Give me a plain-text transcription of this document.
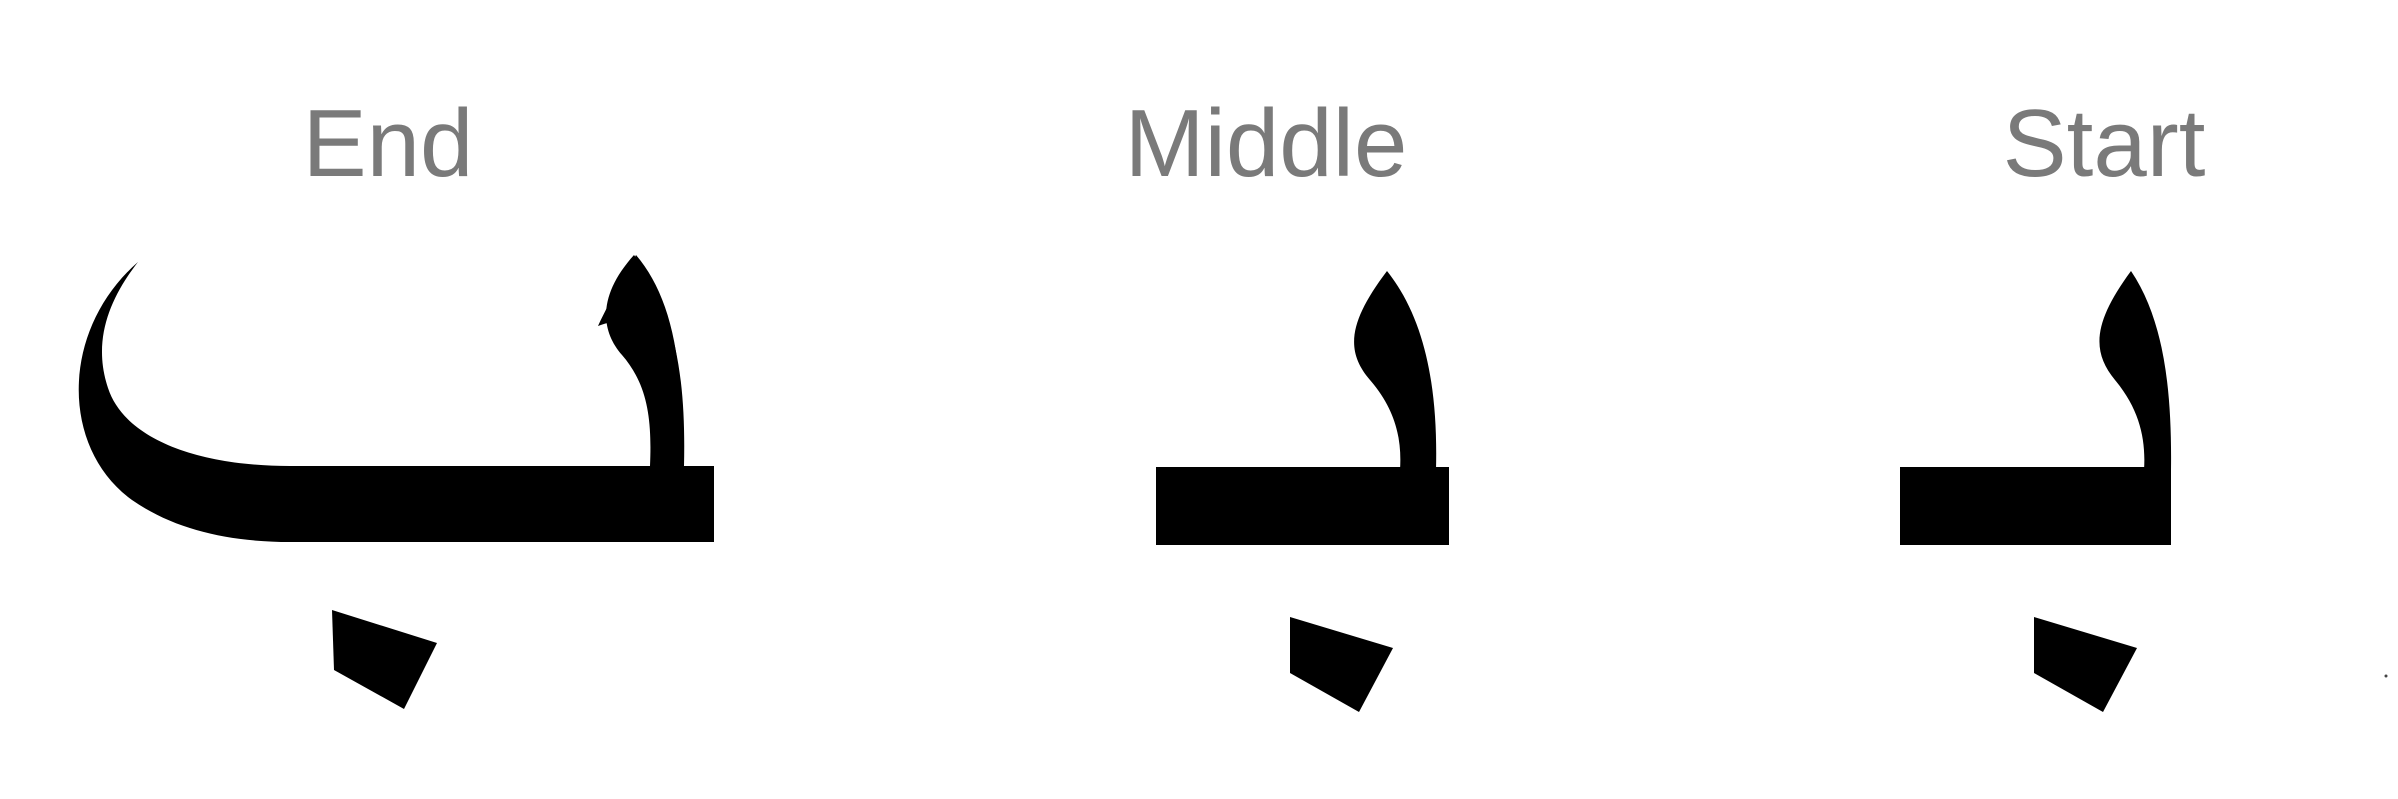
End	Middle	Start
